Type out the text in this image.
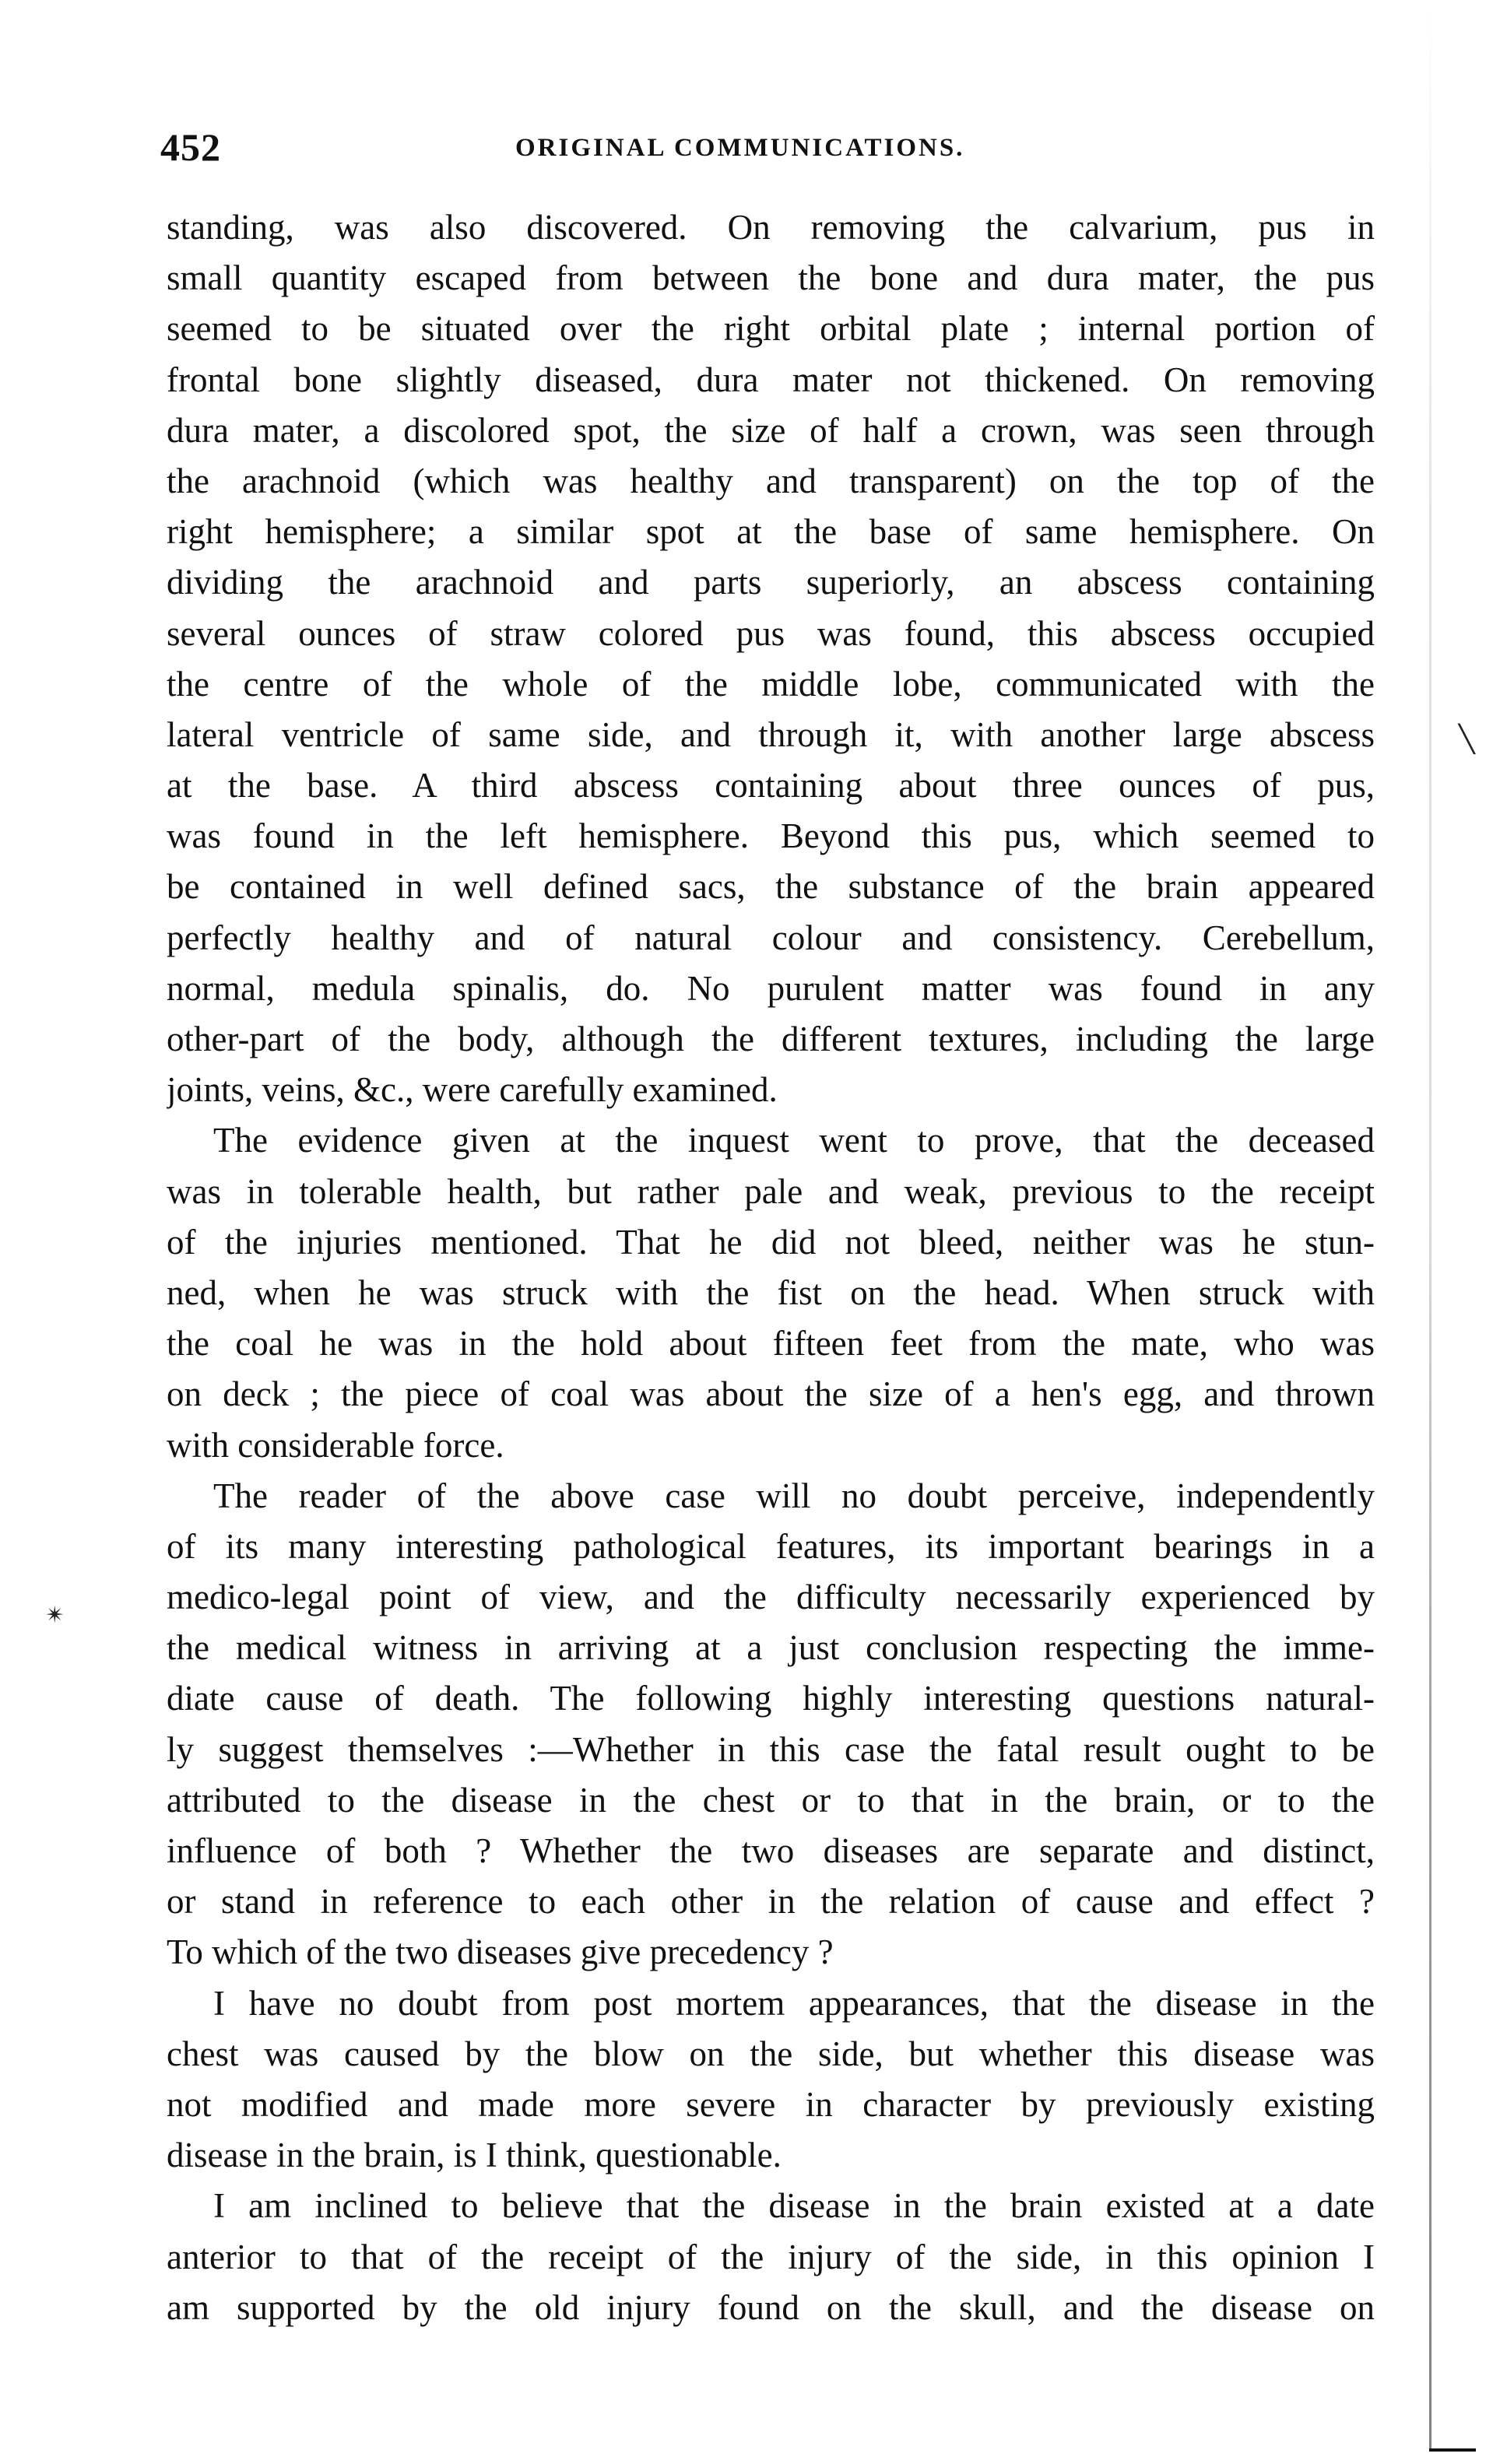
452	ORIGINAL COMMUNICATIONS.
╲
✴
standing, was also discovered. On removing the calvarium, pus in
small quantity escaped from between the bone and dura mater, the pus
seemed to be situated over the right orbital plate ; internal portion of
frontal bone slightly diseased, dura mater not thickened. On removing
dura mater, a discolored spot, the size of half a crown, was seen through
the arachnoid (which was healthy and transparent) on the top of the
right hemisphere; a similar spot at the base of same hemisphere. On
dividing the arachnoid and parts superiorly, an abscess containing
several ounces of straw colored pus was found, this abscess occupied
the centre of the whole of the middle lobe, communicated with the
lateral ventricle of same side, and through it, with another large abscess
at the base. A third abscess containing about three ounces of pus,
was found in the left hemisphere. Beyond this pus, which seemed to
be contained in well defined sacs, the substance of the brain appeared
perfectly healthy and of natural colour and consistency. Cerebellum,
normal, medula spinalis, do. No purulent matter was found in any
other-part of the body, although the different textures, including the large
joints, veins, &c., were carefully examined.
The evidence given at the inquest went to prove, that the deceased
was in tolerable health, but rather pale and weak, previous to the receipt
of the injuries mentioned. That he did not bleed, neither was he stun-
ned, when he was struck with the fist on the head. When struck with
the coal he was in the hold about fifteen feet from the mate, who was
on deck ; the piece of coal was about the size of a hen's egg, and thrown
with considerable force.
The reader of the above case will no doubt perceive, independently
of its many interesting pathological features, its important bearings in a
medico-legal point of view, and the difficulty necessarily experienced by
the medical witness in arriving at a just conclusion respecting the imme-
diate cause of death. The following highly interesting questions natural-
ly suggest themselves :—Whether in this case the fatal result ought to be
attributed to the disease in the chest or to that in the brain, or to the
influence of both ? Whether the two diseases are separate and distinct,
or stand in reference to each other in the relation of cause and effect ?
To which of the two diseases give precedency ?
I have no doubt from post mortem appearances, that the disease in the
chest was caused by the blow on the side, but whether this disease was
not modified and made more severe in character by previously existing
disease in the brain, is I think, questionable.
I am inclined to believe that the disease in the brain existed at a date
anterior to that of the receipt of the injury of the side, in this opinion I
am supported by the old injury found on the skull, and the disease on
